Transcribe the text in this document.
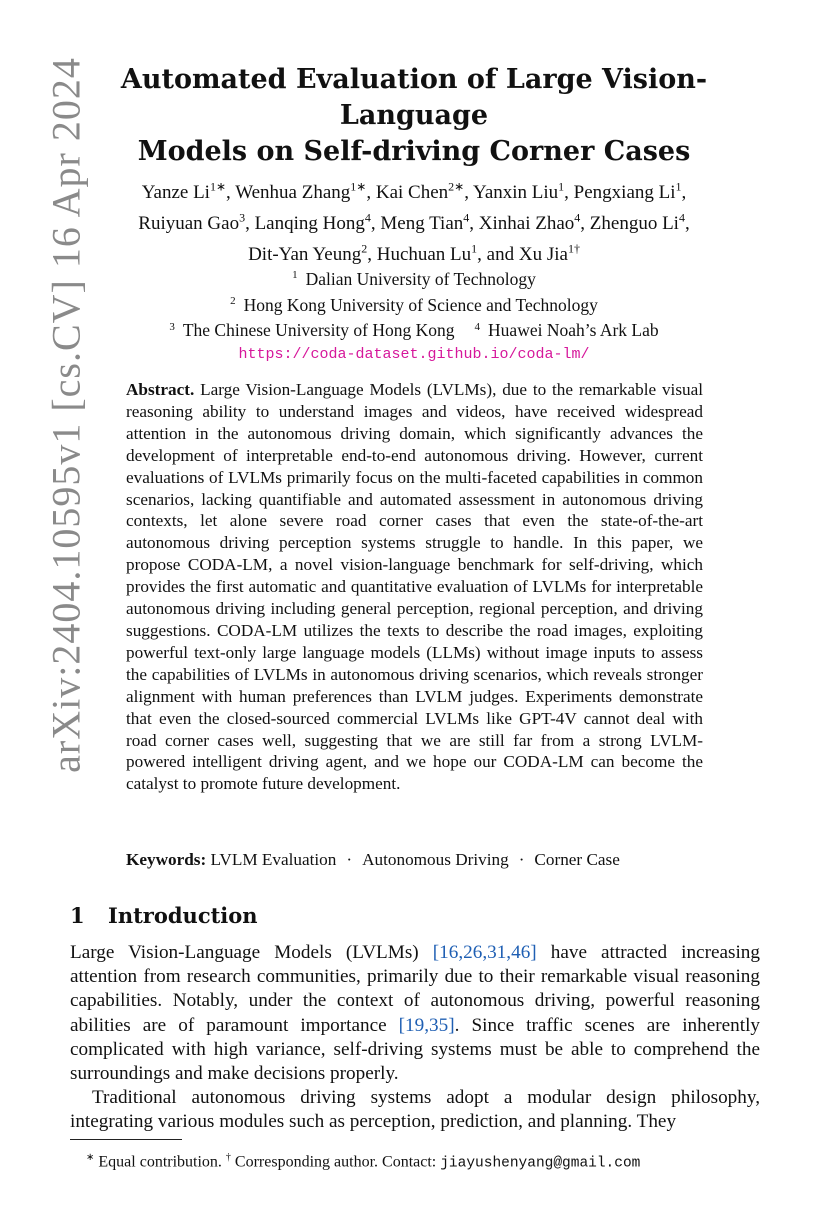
arXiv:2404.10595v1 [cs.CV] 16 Apr 2024	Automated Evaluation of Large Vision-Language
Models on Self-driving Corner Cases
Yanze $Li^{1∗}$, Wenhua Zhang$^{1∗}$, Kai Chen$^{2∗}$, Yanxin Liu$^1$, Pengxiang Li$^1$,
Ruiyuan Gao$^3$, Lanqing Hong$^4$, Meng Tian$^4$, Xinhai Zhao$^4$, Zhenguo Li$^4$,
Dit-Yan Yeung$^2$, Huchuan Lu$^1$, and Xu Jia$^{1\dagger}$
$^1$ Dalian University of Technology
$^2$ Hong Kong University of Science and Technology
$^3$ The Chinese University of Hong Kong $^4$ Huawei Noah’s Ark Lab
https://coda-dataset.github.io/coda-lm/

Abstract. Large Vision-Language Models (LVLMs), due to the remarkable visual reasoning ability to understand images and videos, have received widespread attention in the autonomous driving domain, which significantly advances the development of interpretable end-to-end autonomous driving. However, current evaluations of LVLMs primarily focus on the multi-faceted capabilities in common scenarios, lacking quantifiable and automated assessment in autonomous driving contexts, let alone severe road corner cases that even the state-of-the-art autonomous driving perception systems struggle to handle. In this paper, we propose CODA-LM, a novel vision-language benchmark for self-driving, which provides the first automatic and quantitative evaluation of LVLMs for interpretable autonomous driving including general perception, regional perception, and driving suggestions. CODA-LM utilizes the texts to describe the road images, exploiting powerful text-only large language models (LLMs) without image inputs to assess the capabilities of LVLMs in autonomous driving scenarios, which reveals stronger alignment with human preferences than LVLM judges. Experiments demonstrate that even the closed-sourced commercial LVLMs like GPT-4V cannot deal with road corner cases well, suggesting that we are still far from a strong LVLM-powered intelligent driving agent, and we hope our CODA-LM can become the catalyst to promote future development.

Keywords: LVLM Evaluation · Autonomous Driving · Corner Case
1 Introduction

Large Vision-Language Models (LVLMs) [16,26,31,46] have attracted increasing attention from research communities, primarily due to their remarkable visual reasoning capabilities. Notably, under the context of autonomous driving, powerful reasoning abilities are of paramount importance [19,35]. Since traffic scenes are inherently complicated with high variance, self-driving systems must be able to comprehend the surroundings and make decisions properly.

Traditional autonomous driving systems adopt a modular design philosophy, integrating various modules such as perception, prediction, and planning. They

∗ Equal contribution. † Corresponding author. Contact: jiayushenyang@gmail.com
